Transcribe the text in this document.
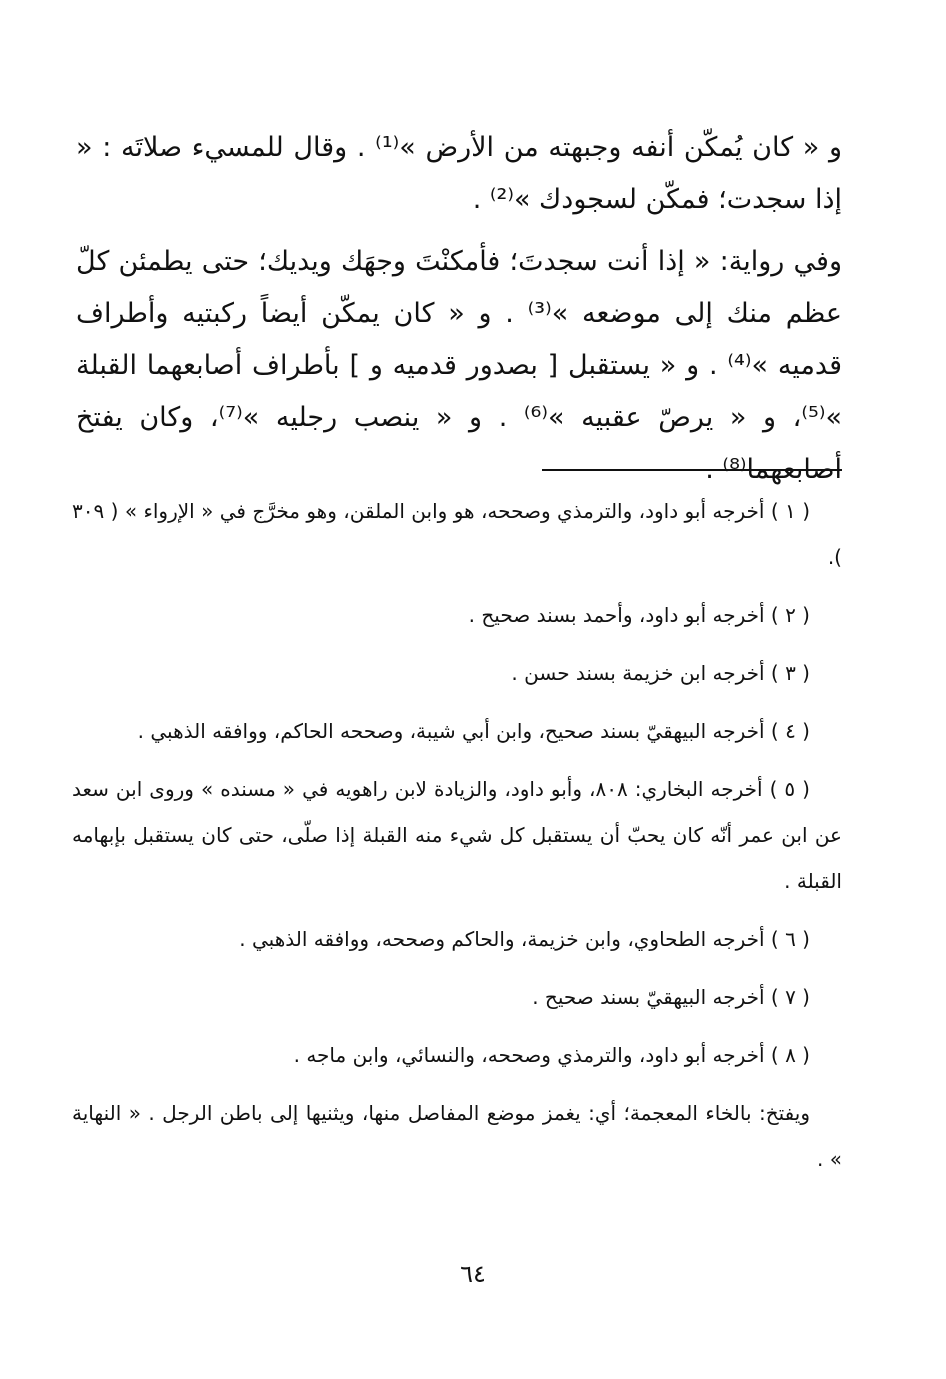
و « كان يُمكّن أنفه وجبهته من الأرض »⁽¹⁾ . وقال للمسيء صلاتَه : « إذا سجدت؛ فمكّن لسجودك »⁽²⁾ .

وفي رواية: « إذا أنت سجدتَ؛ فأمكنْتَ وجهَك ويديك؛ حتى يطمئن كلّ عظم منك إلى موضعه »⁽³⁾ . و « كان يمكّن أيضاً ركبتيه وأطراف قدميه »⁽⁴⁾ . و « يستقبل [ بصدور قدميه و ] بأطراف أصابعهما القبلة »⁽⁵⁾، و « يرصّ عقبيه »⁽⁶⁾ . و « ينصب رجليه »⁽⁷⁾، وكان يفتخ أصابعهما⁽⁸⁾ .

( ١ ) أخرجه أبو داود، والترمذي وصححه، هو وابن الملقن، وهو مخرَّج في « الإرواء » ( ٣٠٩ ).

( ٢ ) أخرجه أبو داود، وأحمد بسند صحيح .

( ٣ ) أخرجه ابن خزيمة بسند حسن .

( ٤ ) أخرجه البيهقيّ بسند صحيح، وابن أبي شيبة، وصححه الحاكم، ووافقه الذهبي .

( ٥ ) أخرجه البخاري: ٨٠٨، وأبو داود، والزيادة لابن راهويه في « مسنده » وروى ابن سعد عن ابن عمر أنّه كان يحبّ أن يستقبل كل شيء منه القبلة إذا صلّى، حتى كان يستقبل بإبهامه القبلة .

( ٦ ) أخرجه الطحاوي، وابن خزيمة، والحاكم وصححه، ووافقه الذهبي .

( ٧ ) أخرجه البيهقيّ بسند صحيح .

( ٨ ) أخرجه أبو داود، والترمذي وصححه، والنسائي، وابن ماجه .

ويفتخ: بالخاء المعجمة؛ أي: يغمز موضع المفاصل منها، ويثنيها إلى باطن الرجل . « النهاية » .

٦٤
